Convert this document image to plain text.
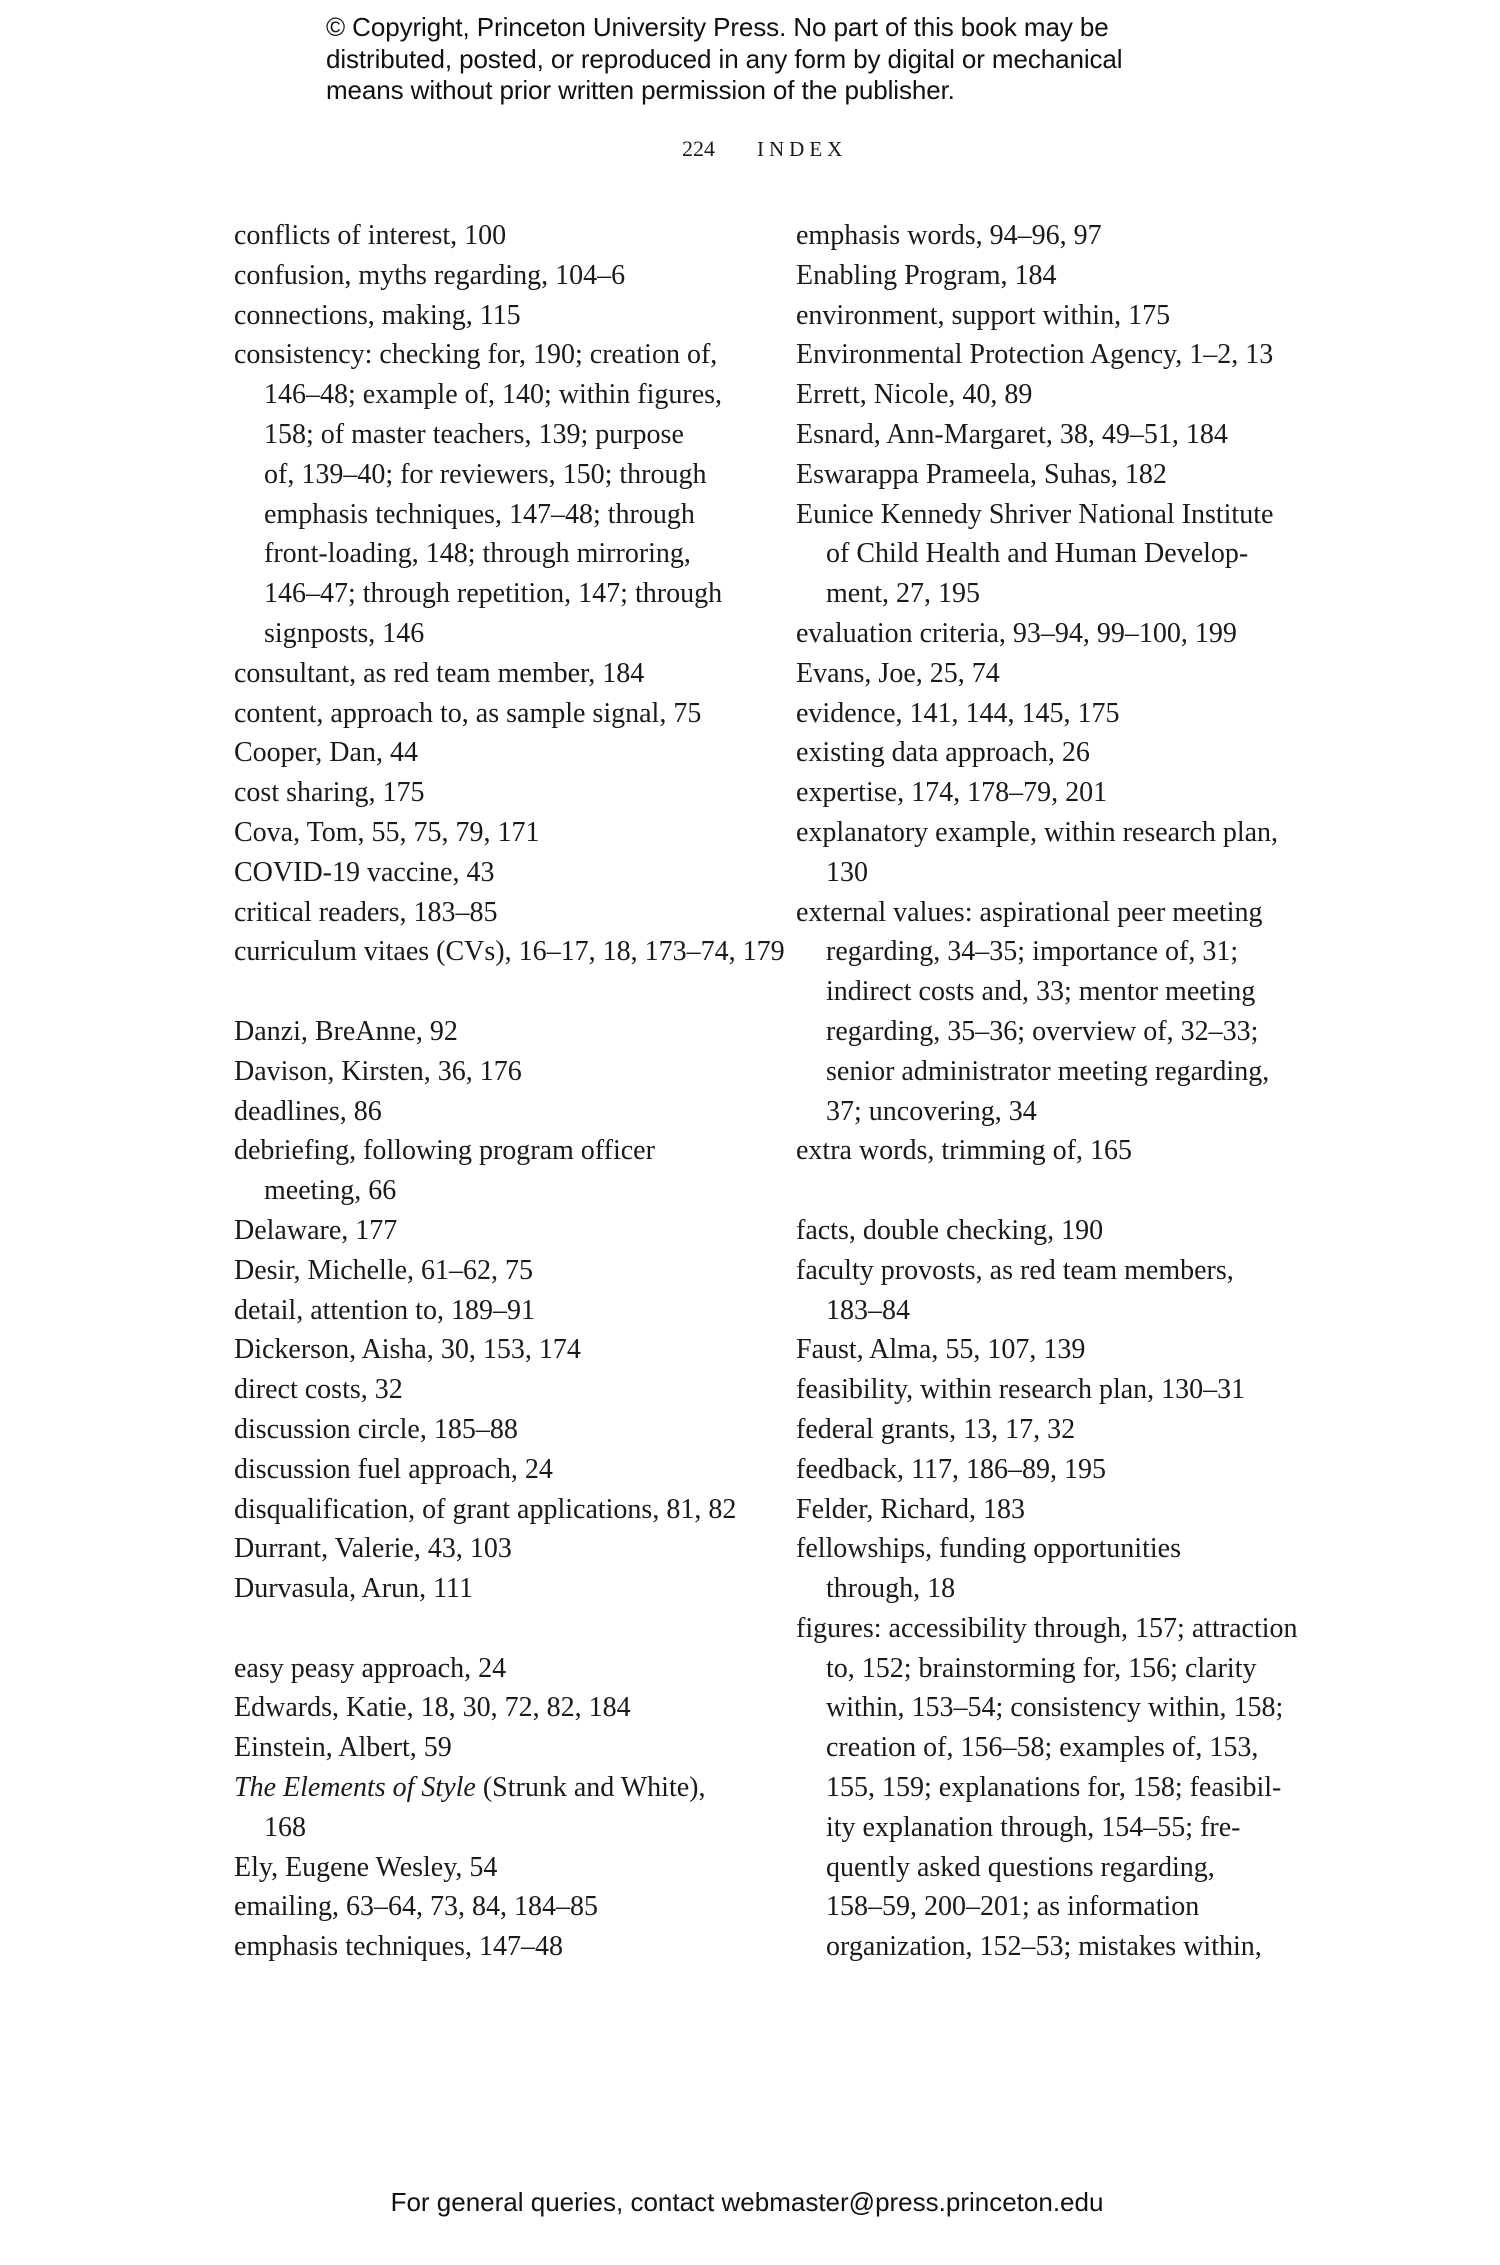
© Copyright, Princeton University Press. No part of this book may be
distributed, posted, or reproduced in any form by digital or mechanical
means without prior written permission of the publisher.
224 INDEX
conflicts of interest, 100
confusion, myths regarding, 104–6
connections, making, 115
consistency: checking for, 190; creation of,
146–48; example of, 140; within figures,
158; of master teachers, 139; purpose
of, 139–40; for reviewers, 150; through
emphasis techniques, 147–48; through
front-loading, 148; through mirroring,
146–47; through repetition, 147; through
signposts, 146
consultant, as red team member, 184
content, approach to, as sample signal, 75
Cooper, Dan, 44
cost sharing, 175
Cova, Tom, 55, 75, 79, 171
COVID-19 vaccine, 43
critical readers, 183–85
curriculum vitaes (CVs), 16–17, 18, 173–74, 179
Danzi, BreAnne, 92
Davison, Kirsten, 36, 176
deadlines, 86
debriefing, following program officer
meeting, 66
Delaware, 177
Desir, Michelle, 61–62, 75
detail, attention to, 189–91
Dickerson, Aisha, 30, 153, 174
direct costs, 32
discussion circle, 185–88
discussion fuel approach, 24
disqualification, of grant applications, 81, 82
Durrant, Valerie, 43, 103
Durvasula, Arun, 111
easy peasy approach, 24
Edwards, Katie, 18, 30, 72, 82, 184
Einstein, Albert, 59
The Elements of Style (Strunk and White),
168
Ely, Eugene Wesley, 54
emailing, 63–64, 73, 84, 184–85
emphasis techniques, 147–48
emphasis words, 94–96, 97
Enabling Program, 184
environment, support within, 175
Environmental Protection Agency, 1–2, 13
Errett, Nicole, 40, 89
Esnard, Ann-Margaret, 38, 49–51, 184
Eswarappa Prameela, Suhas, 182
Eunice Kennedy Shriver National Institute
of Child Health and Human Develop-
ment, 27, 195
evaluation criteria, 93–94, 99–100, 199
Evans, Joe, 25, 74
evidence, 141, 144, 145, 175
existing data approach, 26
expertise, 174, 178–79, 201
explanatory example, within research plan,
130
external values: aspirational peer meeting
regarding, 34–35; importance of, 31;
indirect costs and, 33; mentor meeting
regarding, 35–36; overview of, 32–33;
senior administrator meeting regarding,
37; uncovering, 34
extra words, trimming of, 165
facts, double checking, 190
faculty provosts, as red team members,
183–84
Faust, Alma, 55, 107, 139
feasibility, within research plan, 130–31
federal grants, 13, 17, 32
feedback, 117, 186–89, 195
Felder, Richard, 183
fellowships, funding opportunities
through, 18
figures: accessibility through, 157; attraction
to, 152; brainstorming for, 156; clarity
within, 153–54; consistency within, 158;
creation of, 156–58; examples of, 153,
155, 159; explanations for, 158; feasibil-
ity explanation through, 154–55; fre-
quently asked questions regarding,
158–59, 200–201; as information
organization, 152–53; mistakes within,
For general queries, contact webmaster@press.princeton.edu
